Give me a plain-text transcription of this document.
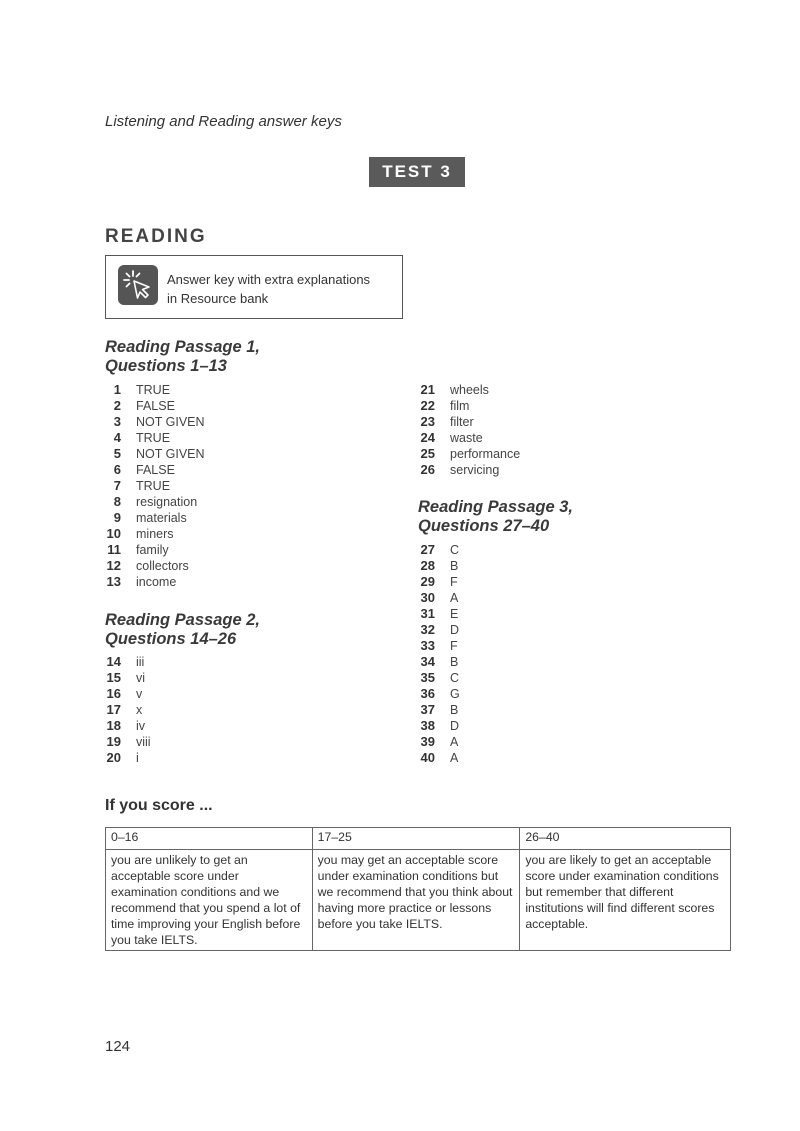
Listening and Reading answer keys
TEST 3
READING
Answer key with extra explanations
in Resource bank
Reading Passage 1,
Questions 1–13
1 TRUE
2 FALSE
3 NOT GIVEN
4 TRUE
5 NOT GIVEN
6 FALSE
7 TRUE
8 resignation
9 materials
10 miners
11 family
12 collectors
13 income
Reading Passage 2,
Questions 14–26
14 iii
15 vi
16 v
17 x
18 iv
19 viii
20 i
21 wheels
22 film
23 filter
24 waste
25 performance
26 servicing
Reading Passage 3,
Questions 27–40
27 C
28 B
29 F
30 A
31 E
32 D
33 F
34 B
35 C
36 G
37 B
38 D
39 A
40 A
If you score ...
0–16	17–25	26–40
you are unlikely to get an acceptable score under examination conditions and we recommend that you spend a lot of time improving your English before you take IELTS.	you may get an acceptable score under examination conditions but we recommend that you think about having more practice or lessons before you take IELTS.	you are likely to get an acceptable score under examination conditions but remember that different institutions will find different scores acceptable.
124
